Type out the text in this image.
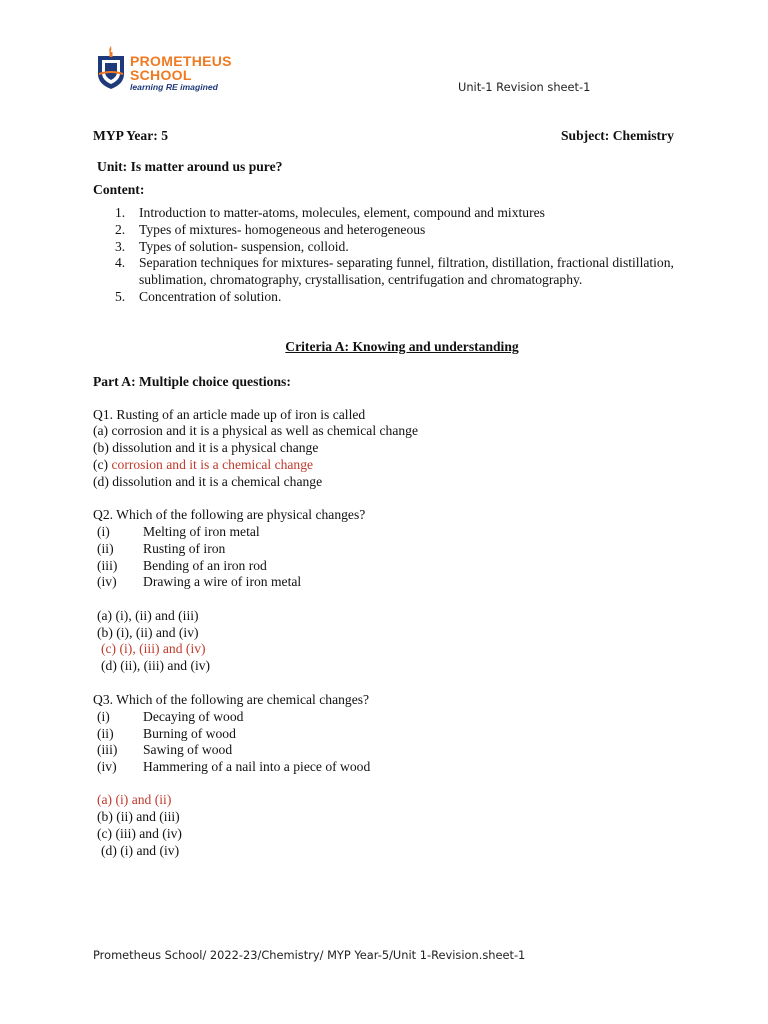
PROMETHEUS
SCHOOL
learning RE imagined	Unit-1 Revision sheet-1
MYP Year: 5	Subject: Chemistry
Unit: Is matter around us pure?
Content:
1. Introduction to matter-atoms, molecules, element, compound and mixtures
2. Types of mixtures- homogeneous and heterogeneous
3. Types of solution- suspension, colloid.
4. Separation techniques for mixtures- separating funnel, filtration, distillation, fractional distillation, sublimation, chromatography, crystallisation, centrifugation and chromatography.
5. Concentration of solution.
Criteria A: Knowing and understanding
Part A: Multiple choice questions:
Q1. Rusting of an article made up of iron is called
(a) corrosion and it is a physical as well as chemical change
(b) dissolution and it is a physical change
(c) corrosion and it is a chemical change
(d) dissolution and it is a chemical change
Q2. Which of the following are physical changes?
(i) Melting of iron metal
(ii) Rusting of iron
(iii) Bending of an iron rod
(iv) Drawing a wire of iron metal
(a) (i), (ii) and (iii)
(b) (i), (ii) and (iv)
(c) (i), (iii) and (iv)
(d) (ii), (iii) and (iv)
Q3. Which of the following are chemical changes?
(i) Decaying of wood
(ii) Burning of wood
(iii) Sawing of wood
(iv) Hammering of a nail into a piece of wood
(a) (i) and (ii)
(b) (ii) and (iii)
(c) (iii) and (iv)
(d) (i) and (iv)
Prometheus School/ 2022-23/Chemistry/ MYP Year-5/Unit 1-Revision.sheet-1
